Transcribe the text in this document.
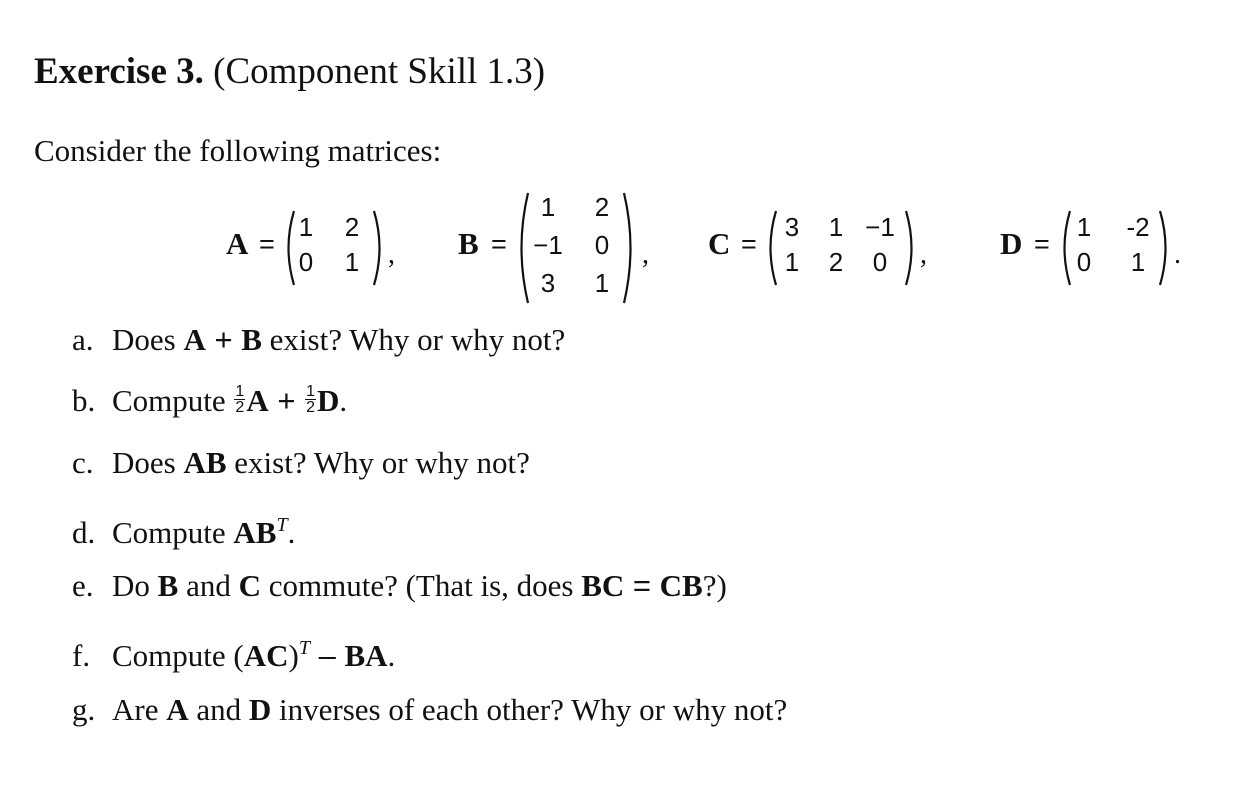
Exercise 3. (Component Skill 1.3)
Consider the following matrices:
A =
1	2
0	1	, B =
1	2
−1	0
3	1
, C =
3	1 −1
1	2	0	, D =
1	-2
0	1	.
a. Does A + B exist? Why or why not?
b. Compute $\frac{1}{2}$ $A + \frac{1}{2} D$.
c. Does AB exist? Why or why not?
d. Compute $AB^T$.
e. Do B and C commute? (That is, does BC = CB?)
f. Compute (AC)$^T$ – BA.
g. Are A and D inverses of each other? Why or why not?
